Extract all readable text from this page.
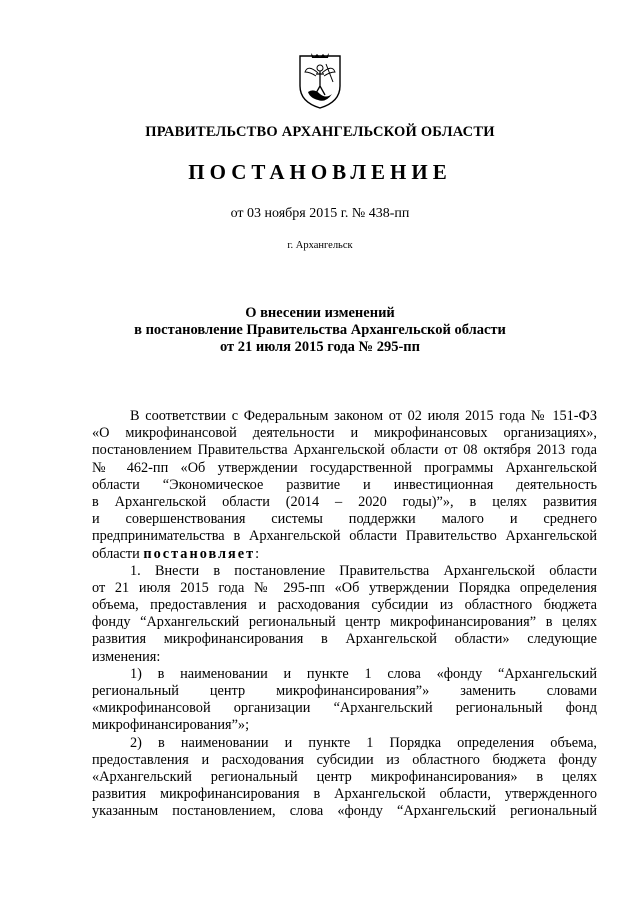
ПРАВИТЕЛЬСТВО АРХАНГЕЛЬСКОЙ ОБЛАСТИ
ПОСТАНОВЛЕНИЕ
от 03 ноября 2015 г. № 438-пп
г. Архангельск
О внесении изменений
в постановление Правительства Архангельской области
от 21 июля 2015 года № 295-пп
В соответствии с Федеральным законом от 02 июля 2015 года № 151-ФЗ
«О микрофинансовой деятельности и микрофинансовых организациях»,
постановлением Правительства Архангельской области от 08 октября 2013 года
№ 462-пп «Об утверждении государственной программы Архангельской
области “Экономическое развитие и инвестиционная деятельность
в Архангельской области (2014 – 2020 годы)”», в целях развития
и совершенствования системы поддержки малого и среднего
предпринимательства в Архангельской области Правительство Архангельской
области постановляет:
1. Внести в постановление Правительства Архангельской области
от 21 июля 2015 года № 295-пп «Об утверждении Порядка определения
объема, предоставления и расходования субсидии из областного бюджета
фонду “Архангельский региональный центр микрофинансирования” в целях
развития микрофинансирования в Архангельской области» следующие
изменения:
1) в наименовании и пункте 1 слова «фонду “Архангельский
региональный центр микрофинансирования”» заменить словами
«микрофинансовой организации “Архангельский региональный фонд
микрофинансирования”»;
2) в наименовании и пункте 1 Порядка определения объема,
предоставления и расходования субсидии из областного бюджета фонду
«Архангельский региональный центр микрофинансирования» в целях
развития микрофинансирования в Архангельской области, утвержденного
указанным постановлением, слова «фонду “Архангельский региональный
